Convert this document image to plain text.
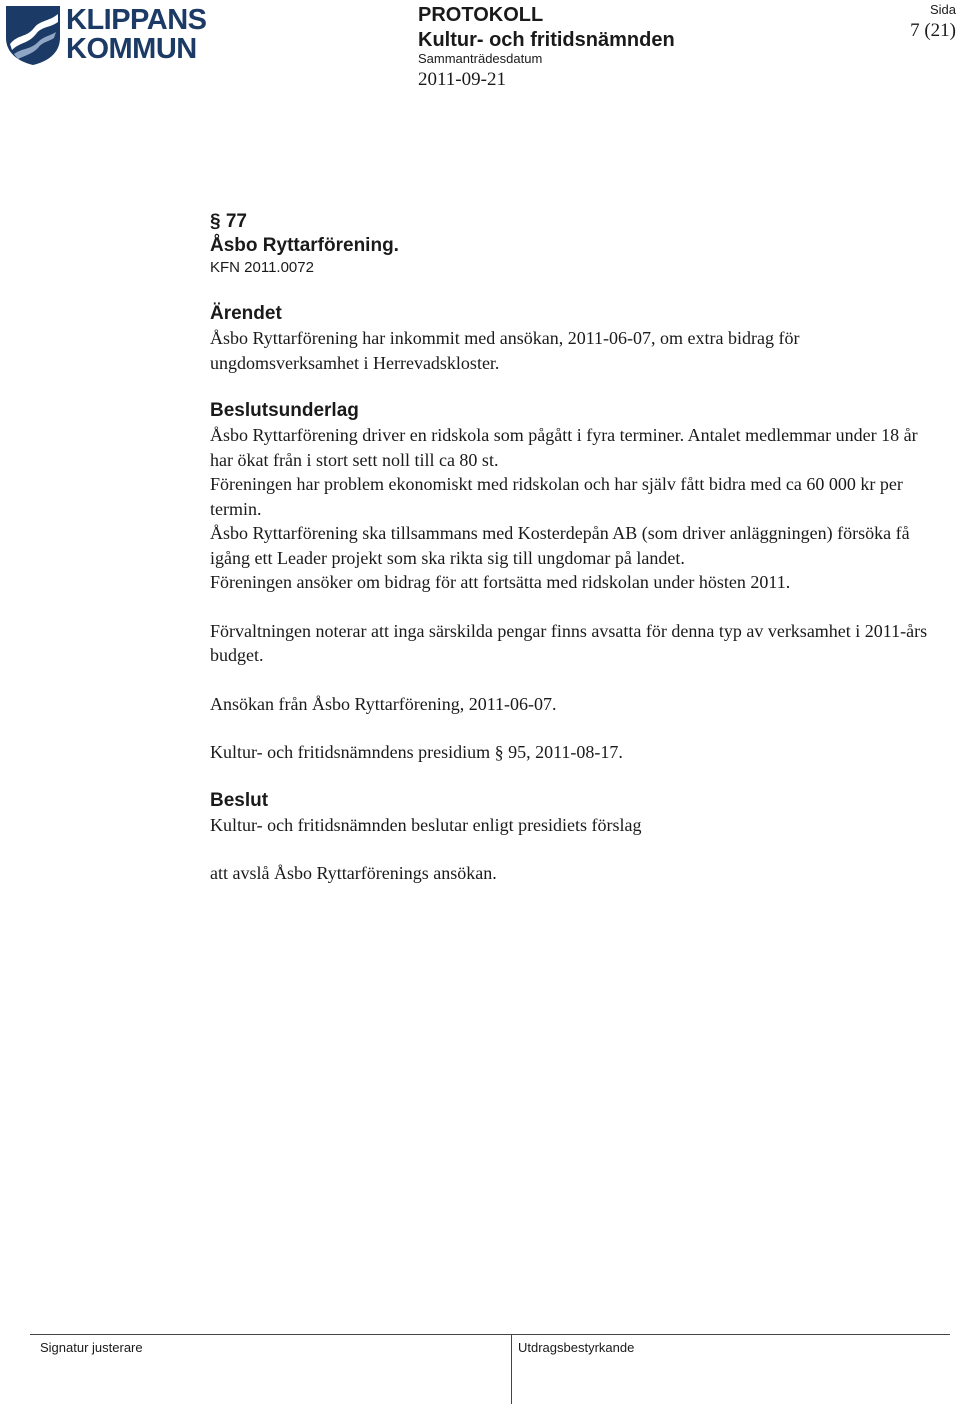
KLIPPANS
KOMMUN
PROTOKOLL
Kultur- och fritidsnämnden
Sammanträdesdatum
2011-09-21
Sida
7 (21)
§ 77
Åsbo Ryttarförening.
KFN 2011.0072
Ärendet
Åsbo Ryttarförening har inkommit med ansökan, 2011-06-07, om extra bidrag för ungdomsverksamhet i Herrevadskloster.
Beslutsunderlag
Åsbo Ryttarförening driver en ridskola som pågått i fyra terminer. Antalet medlemmar under 18 år har ökat från i stort sett noll till ca 80 st.
Föreningen har problem ekonomiskt med ridskolan och har själv fått bidra med ca 60 000 kr per termin.
Åsbo Ryttarförening ska tillsammans med Kosterdepån AB (som driver anläggningen) försöka få igång ett Leader projekt som ska rikta sig till ungdomar på landet.
Föreningen ansöker om bidrag för att fortsätta med ridskolan under hösten 2011.
Förvaltningen noterar att inga särskilda pengar finns avsatta för denna typ av verksamhet i 2011-års budget.
Ansökan från Åsbo Ryttarförening, 2011-06-07.
Kultur- och fritidsnämndens presidium § 95, 2011-08-17.
Beslut
Kultur- och fritidsnämnden beslutar enligt presidiets förslag
att avslå Åsbo Ryttarförenings ansökan.
Signatur justerare	Utdragsbestyrkande
